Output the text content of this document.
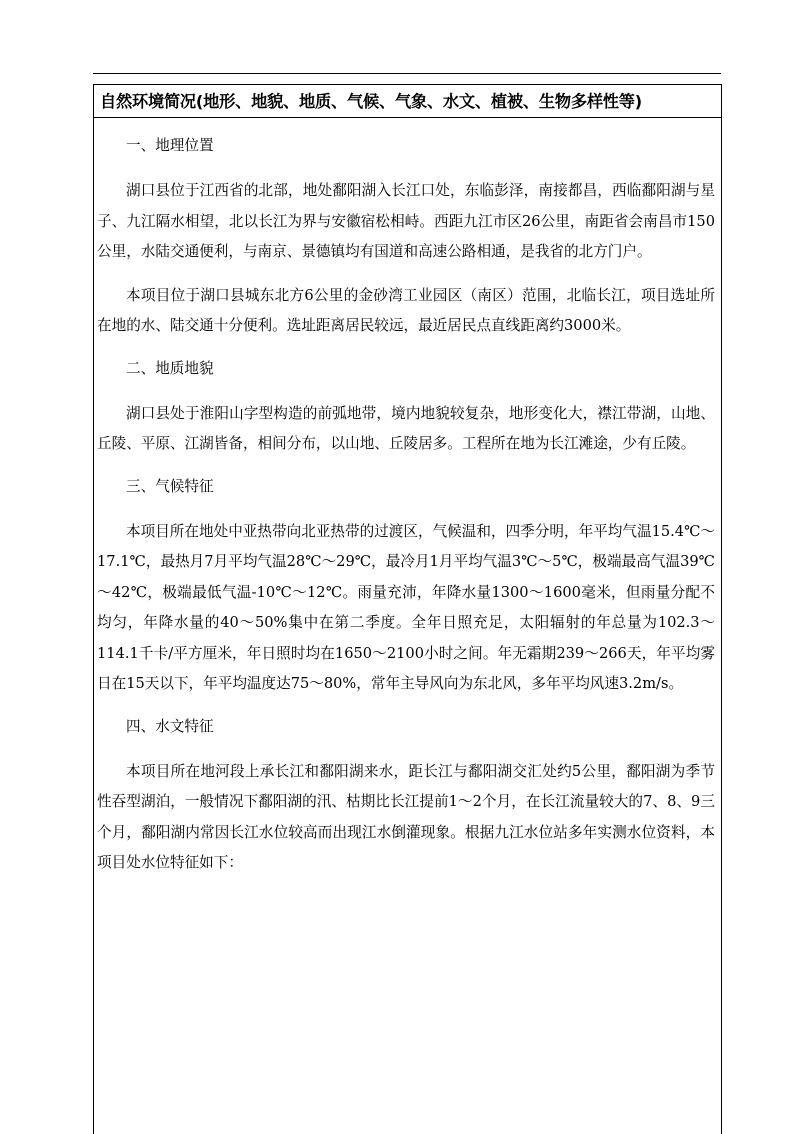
自然环境简况(地形、地貌、地质、气候、气象、水文、植被、生物多样性等)
一、地理位置

湖口县位于江西省的北部，地处鄱阳湖入长江口处，东临彭泽，南接都昌，西临鄱阳湖与星子、九江隔水相望，北以长江为界与安徽宿松相峙。西距九江市区26公里，南距省会南昌市150公里，水陆交通便利，与南京、景德镇均有国道和高速公路相通，是我省的北方门户。

本项目位于湖口县城东北方6公里的金砂湾工业园区（南区）范围，北临长江，项目选址所在地的水、陆交通十分便利。选址距离居民较远，最近居民点直线距离约3000米。

二、地质地貌

湖口县处于淮阳山字型构造的前弧地带，境内地貌较复杂，地形变化大，襟江带湖，山地、丘陵、平原、江湖皆备，相间分布，以山地、丘陵居多。工程所在地为长江滩途，少有丘陵。

三、气候特征

本项目所在地处中亚热带向北亚热带的过渡区，气候温和，四季分明，年平均气温15.4℃～17.1℃，最热月7月平均气温28℃～29℃，最冷月1月平均气温3℃～5℃，极端最高气温39℃～42℃，极端最低气温-10℃～12℃。雨量充沛，年降水量1300～1600毫米，但雨量分配不均匀，年降水量的40～50%集中在第二季度。全年日照充足，太阳辐射的年总量为102.3～114.1千卡/平方厘米，年日照时均在1650～2100小时之间。年无霜期239～266天，年平均雾日在15天以下，年平均温度达75～80%，常年主导风向为东北风，多年平均风速3.2m/s。

四、水文特征

本项目所在地河段上承长江和鄱阳湖来水，距长江与鄱阳湖交汇处约5公里，鄱阳湖为季节性吞型湖泊，一般情况下鄱阳湖的汛、枯期比长江提前1～2个月，在长江流量较大的7、8、9三个月，鄱阳湖内常因长江水位较高而出现江水倒灌现象。根据九江水位站多年实测水位资料，本项目处水位特征如下：
